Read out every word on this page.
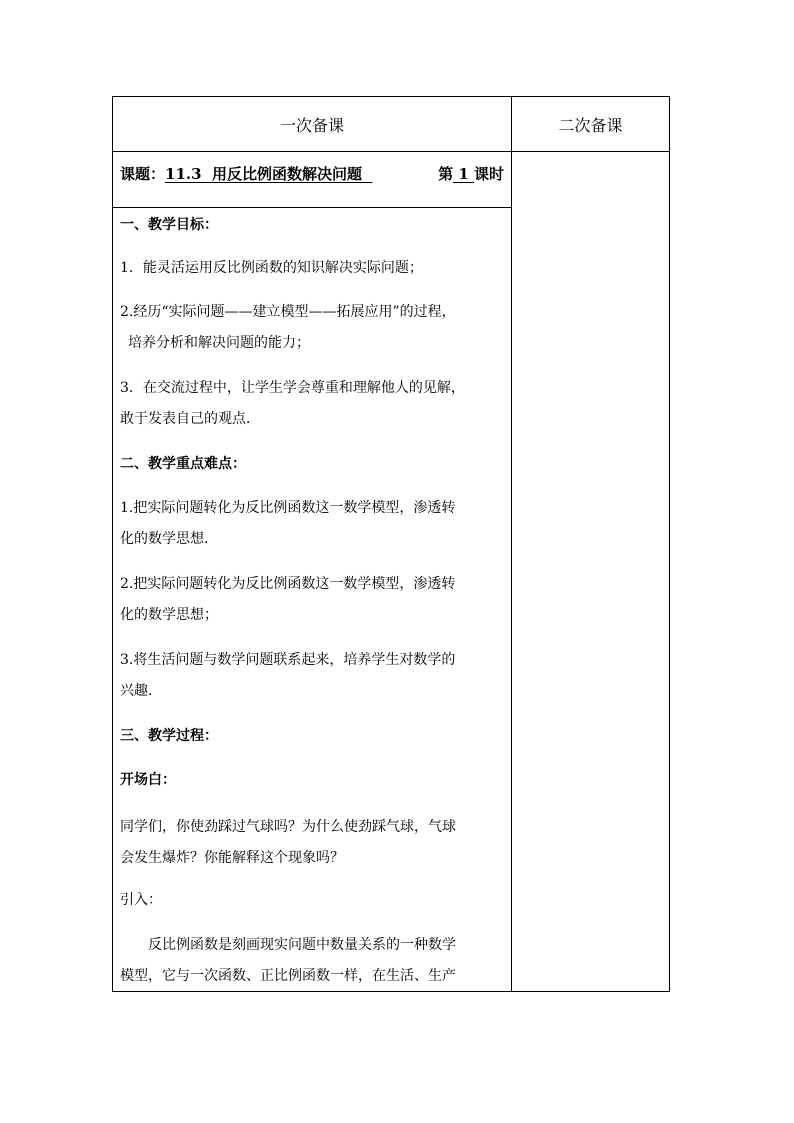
一次备课	二次备课
课题：11.3 用反比例函数解决问题	第 1 课时
一、教学目标：
1．能灵活运用反比例函数的知识解决实际问题；
2.经历“实际问题——建立模型——拓展应用”的过程，
培养分析和解决问题的能力；
3．在交流过程中，让学生学会尊重和理解他人的见解，
敢于发表自己的观点．
二、教学重点难点：
1.把实际问题转化为反比例函数这一数学模型，渗透转
化的数学思想.
2.把实际问题转化为反比例函数这一数学模型，渗透转
化的数学思想；
3.将生活问题与数学问题联系起来，培养学生对数学的
兴趣.
三、教学过程：
开场白：
同学们，你使劲踩过气球吗？为什么使劲踩气球，气球
会发生爆炸？你能解释这个现象吗？
引入：
反比例函数是刻画现实问题中数量关系的一种数学
模型，它与一次函数、正比例函数一样，在生活、生产
